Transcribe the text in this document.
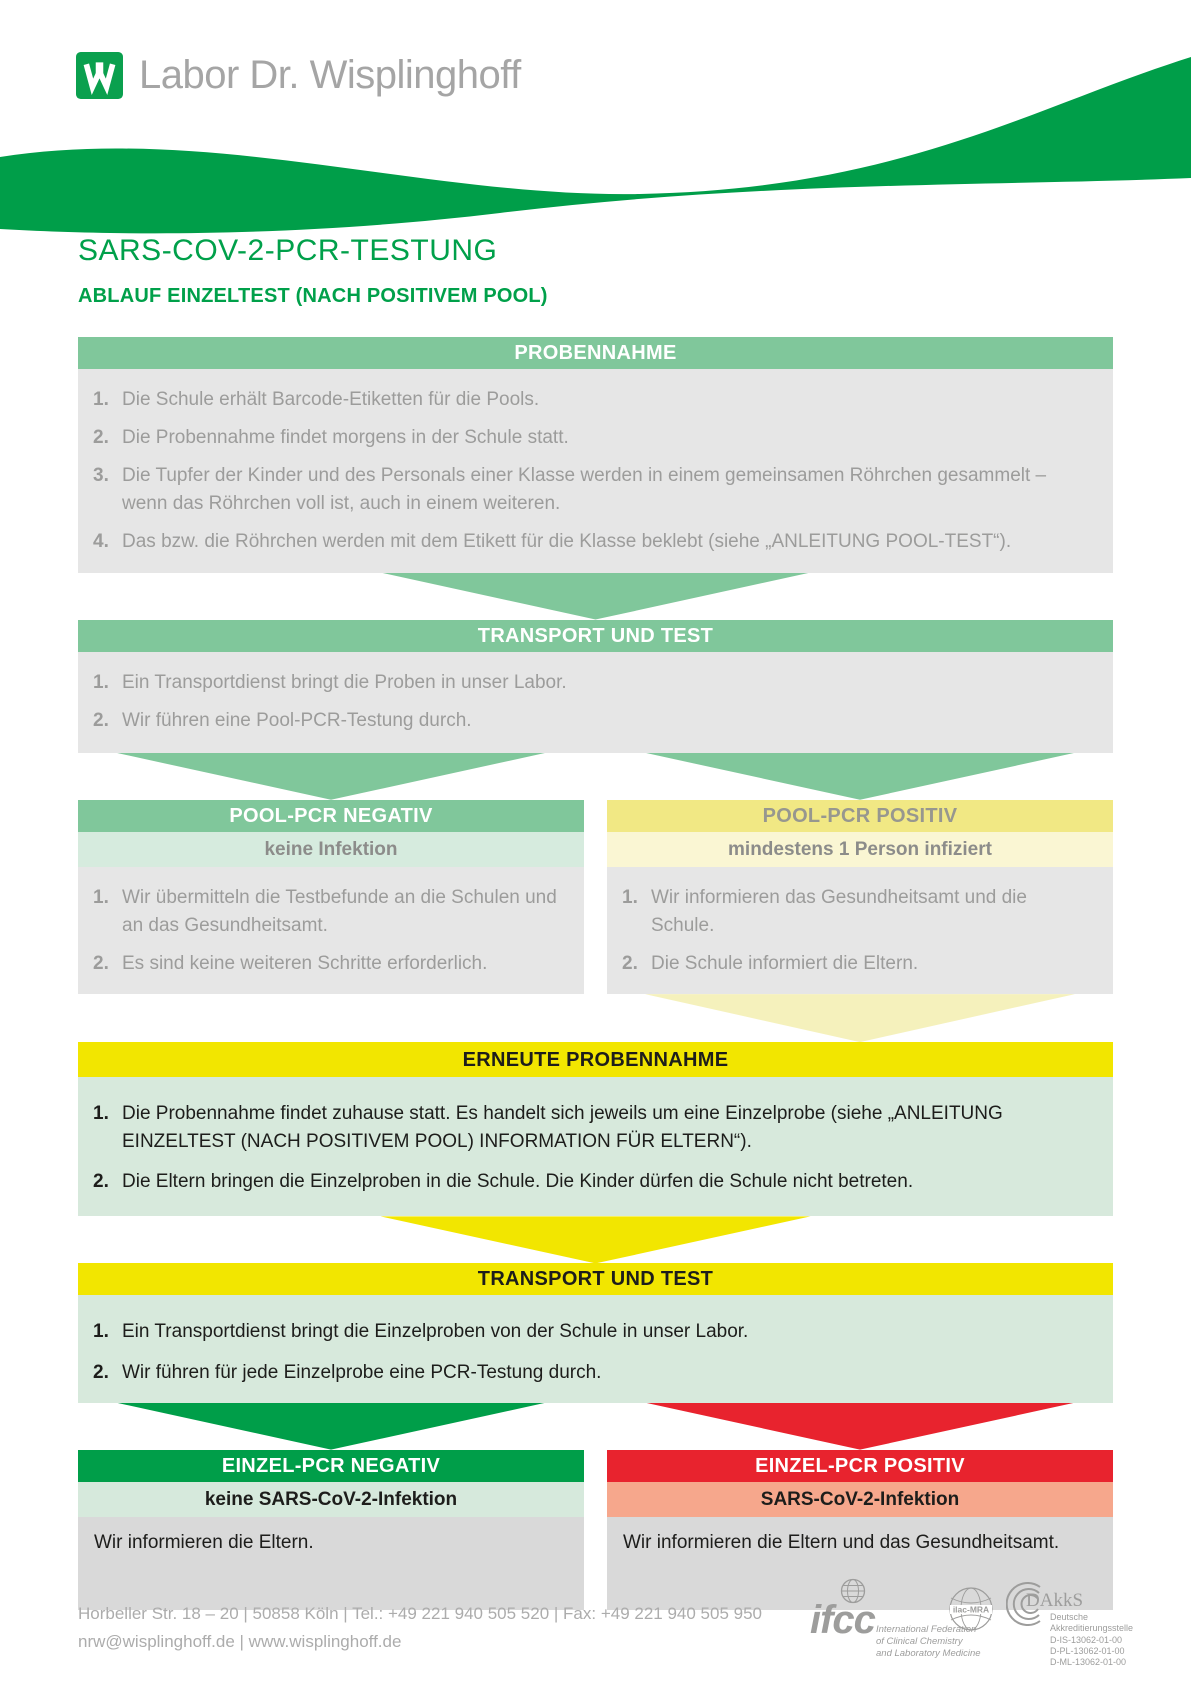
Labor Dr. Wisplinghoff
SARS-COV-2-PCR-TESTUNG
ABLAUF EINZELTEST (NACH POSITIVEM POOL)
PROBENNAHME
1. Die Schule erhält Barcode-Etiketten für die Pools.
2. Die Probennahme findet morgens in der Schule statt.
3. Die Tupfer der Kinder und des Personals einer Klasse werden in einem gemeinsamen Röhrchen gesammelt – wenn das Röhrchen voll ist, auch in einem weiteren.
4. Das bzw. die Röhrchen werden mit dem Etikett für die Klasse beklebt (siehe „ANLEITUNG POOL-TEST“).
TRANSPORT UND TEST
1. Ein Transportdienst bringt die Proben in unser Labor.
2. Wir führen eine Pool-PCR-Testung durch.
POOL-PCR NEGATIV
keine Infektion
1. Wir übermitteln die Testbefunde an die Schulen und an das Gesundheitsamt.
2. Es sind keine weiteren Schritte erforderlich.
POOL-PCR POSITIV
mindestens 1 Person infiziert
1. Wir informieren das Gesundheitsamt und die Schule.
2. Die Schule informiert die Eltern.
ERNEUTE PROBENNAHME
1. Die Probennahme findet zuhause statt. Es handelt sich jeweils um eine Einzelprobe (siehe „ANLEITUNG EINZELTEST (NACH POSITIVEM POOL) INFORMATION FÜR ELTERN“).
2. Die Eltern bringen die Einzelproben in die Schule. Die Kinder dürfen die Schule nicht betreten.
TRANSPORT UND TEST
1. Ein Transportdienst bringt die Einzelproben von der Schule in unser Labor.
2. Wir führen für jede Einzelprobe eine PCR-Testung durch.
EINZEL-PCR NEGATIV
keine SARS-CoV-2-Infektion
Wir informieren die Eltern.
EINZEL-PCR POSITIV
SARS-CoV-2-Infektion
Wir informieren die Eltern und das Gesundheitsamt.
Horbeller Str. 18 – 20 | 50858 Köln | Tel.: +49 221 940 505 520 | Fax: +49 221 940 505 950
nrw@wisplinghoff.de | www.wisplinghoff.de	ifcc International Federation
of Clinical Chemistry
and Laboratory Medicine
ilac-MRA DAkkS
Deutsche
Akkreditierungsstelle
D-IS-13062-01-00
D-PL-13062-01-00
D-ML-13062-01-00
